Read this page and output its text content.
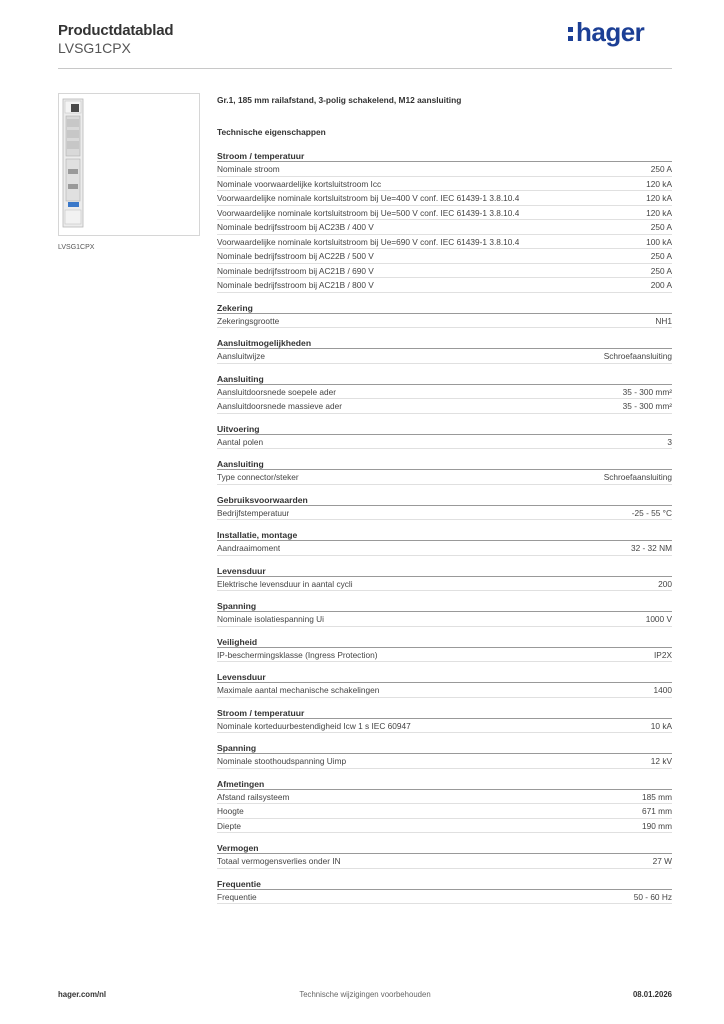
Productdatablad
LVSG1CPX
hager
LVSG1CPX
Gr.1, 185 mm railafstand, 3-polig schakelend, M12 aansluiting
Technische eigenschappen
Stroom / temperatuur
Nominale stroom	250 A
Nominale voorwaardelijke kortsluitstroom Icc	120 kA
Voorwaardelijke nominale kortsluitstroom bij Ue=400 V conf. IEC 61439-1 3.8.10.4	120 kA
Voorwaardelijke nominale kortsluitstroom bij Ue=500 V conf. IEC 61439-1 3.8.10.4	120 kA
Nominale bedrijfsstroom bij AC23B / 400 V	250 A
Voorwaardelijke nominale kortsluitstroom bij Ue=690 V conf. IEC 61439-1 3.8.10.4	100 kA
Nominale bedrijfsstroom bij AC22B / 500 V	250 A
Nominale bedrijfsstroom bij AC21B / 690 V	250 A
Nominale bedrijfsstroom bij AC21B / 800 V	200 A
Zekering
Zekeringsgrootte	NH1
Aansluitmogelijkheden
Aansluitwijze	Schroefaansluiting
Aansluiting
Aansluitdoorsnede soepele ader	35 - 300 mm²
Aansluitdoorsnede massieve ader	35 - 300 mm²
Uitvoering
Aantal polen	3
Aansluiting
Type connector/steker	Schroefaansluiting
Gebruiksvoorwaarden
Bedrijfstemperatuur	-25 - 55 °C
Installatie, montage
Aandraaimoment	32 - 32 NM
Levensduur
Elektrische levensduur in aantal cycli	200
Spanning
Nominale isolatiespanning Ui	1000 V
Veiligheid
IP-beschermingsklasse (Ingress Protection)	IP2X
Levensduur
Maximale aantal mechanische schakelingen	1400
Stroom / temperatuur
Nominale korteduurbestendigheid Icw 1 s IEC 60947	10 kA
Spanning
Nominale stoothoudspanning Uimp	12 kV
Afmetingen
Afstand railsysteem	185 mm
Hoogte	671 mm
Diepte	190 mm
Vermogen
Totaal vermogensverlies onder IN	27 W
Frequentie
Frequentie	50 - 60 Hz
hager.com/nl	Technische wijzigingen voorbehouden	08.01.2026
